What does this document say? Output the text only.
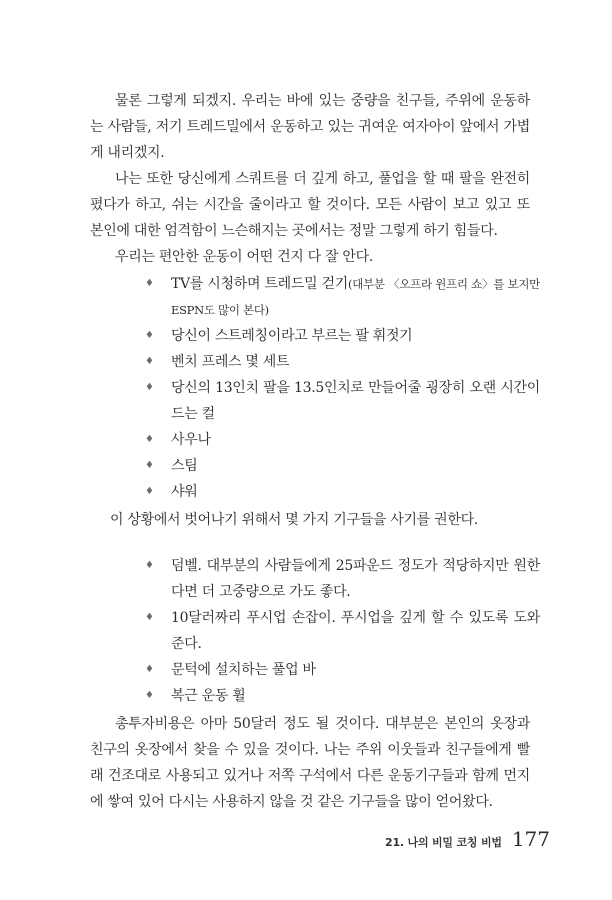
물론 그렇게 되겠지. 우리는 바에 있는 중량을 친구들, 주위에 운동하는 사람들, 저기 트레드밀에서 운동하고 있는 귀여운 여자아이 앞에서 가볍게 내리겠지.

나는 또한 당신에게 스쿼트를 더 깊게 하고, 풀업을 할 때 팔을 완전히 폈다가 하고, 쉬는 시간을 줄이라고 할 것이다. 모든 사람이 보고 있고 또 본인에 대한 엄격함이 느슨해지는 곳에서는 정말 그렇게 하기 힘들다.

우리는 편안한 운동이 어떤 건지 다 잘 안다.

♦ TV를 시청하며 트레드밀 걷기(대부분 〈오프라 윈프리 쇼〉를 보지만 ESPN도 많이 본다)
♦ 당신이 스트레칭이라고 부르는 팔 휘젓기
♦ 벤치 프레스 몇 세트
♦ 당신의 13인치 팔을 13.5인치로 만들어줄 굉장히 오랜 시간이 드는 컬
♦ 사우나
♦ 스팀
♦ 샤워

이 상황에서 벗어나기 위해서 몇 가지 기구들을 사기를 권한다.

♦ 덤벨. 대부분의 사람들에게 25파운드 정도가 적당하지만 원한다면 더 고중량으로 가도 좋다.
♦ 10달러짜리 푸시업 손잡이. 푸시업을 깊게 할 수 있도록 도와준다.
♦ 문턱에 설치하는 풀업 바
♦ 복근 운동 휠

총투자비용은 아마 50달러 정도 될 것이다. 대부분은 본인의 옷장과 친구의 옷장에서 찾을 수 있을 것이다. 나는 주위 이웃들과 친구들에게 빨래 건조대로 사용되고 있거나 저쪽 구석에서 다른 운동기구들과 함께 먼지에 쌓여 있어 다시는 사용하지 않을 것 같은 기구들을 많이 얻어왔다.

21. 나의 비밀 코칭 비법 177
